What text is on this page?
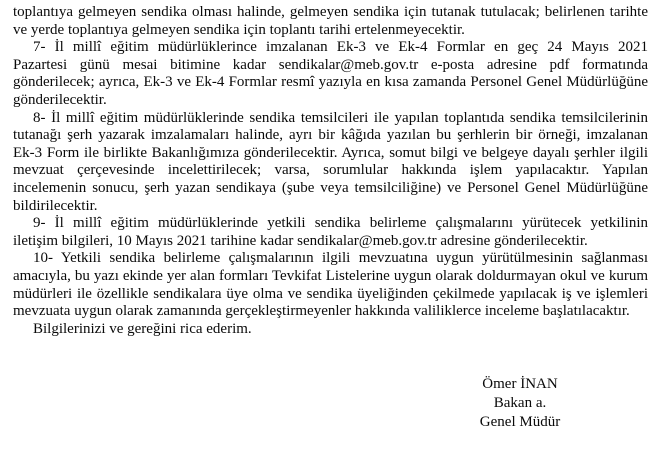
toplantıya gelmeyen sendika olması halinde, gelmeyen sendika için tutanak tutulacak; belirlenen tarihte
ve yerde toplantıya gelmeyen sendika için toplantı tarihi ertelenmeyecektir.
7- İl millî eğitim müdürlüklerince imzalanan Ek-3 ve Ek-4 Formlar en geç 24 Mayıs 2021
Pazartesi günü mesai bitimine kadar sendikalar@meb.gov.tr e-posta adresine pdf formatında
gönderilecek; ayrıca, Ek-3 ve Ek-4 Formlar resmî yazıyla en kısa zamanda Personel Genel Müdürlüğüne
gönderilecektir.
8- İl millî eğitim müdürlüklerinde sendika temsilcileri ile yapılan toplantıda sendika temsilcilerinin
tutanağı şerh yazarak imzalamaları halinde, ayrı bir kâğıda yazılan bu şerhlerin bir örneği, imzalanan
Ek-3 Form ile birlikte Bakanlığımıza gönderilecektir. Ayrıca, somut bilgi ve belgeye dayalı şerhler ilgili
mevzuat çerçevesinde incelettirilecek; varsa, sorumlular hakkında işlem yapılacaktır. Yapılan
incelemenin sonucu, şerh yazan sendikaya (şube veya temsilciliğine) ve Personel Genel Müdürlüğüne
bildirilecektir.
9- İl millî eğitim müdürlüklerinde yetkili sendika belirleme çalışmalarını yürütecek yetkilinin
iletişim bilgileri, 10 Mayıs 2021 tarihine kadar sendikalar@meb.gov.tr adresine gönderilecektir.
10- Yetkili sendika belirleme çalışmalarının ilgili mevzuatına uygun yürütülmesinin sağlanması
amacıyla, bu yazı ekinde yer alan formları Tevkifat Listelerine uygun olarak doldurmayan okul ve kurum
müdürleri ile özellikle sendikalara üye olma ve sendika üyeliğinden çekilmede yapılacak iş ve işlemleri
mevzuata uygun olarak zamanında gerçekleştirmeyenler hakkında valiliklerce inceleme başlatılacaktır.
Bilgilerinizi ve gereğini rica ederim.
Ömer İNAN
Bakan a.
Genel Müdür
